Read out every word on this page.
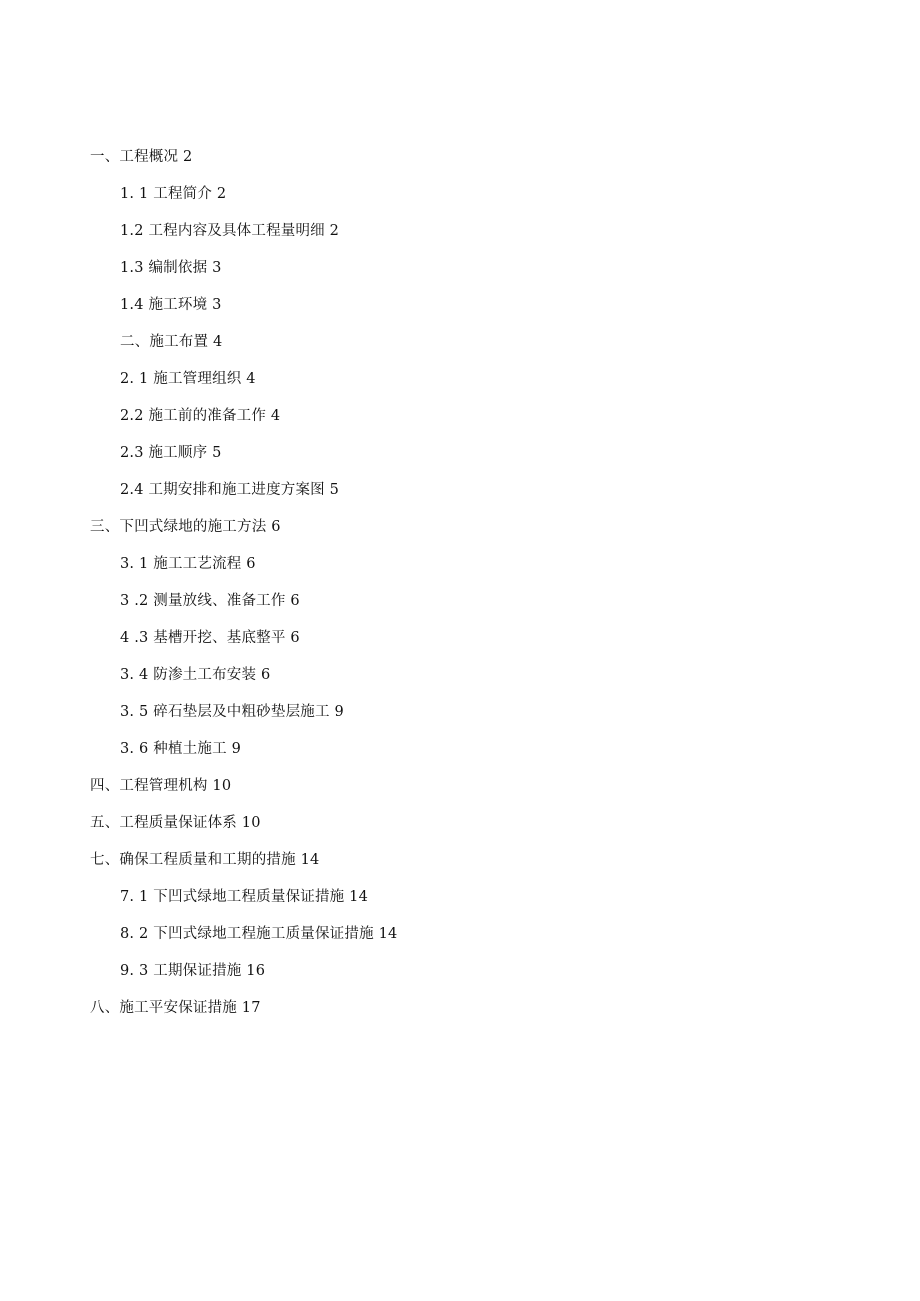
一、工程概况 2
1. 1 工程简介 2
1.2 工程内容及具体工程量明细 2
1.3 编制依据 3
1.4 施工环境 3
二、施工布置 4
2. 1 施工管理组织 4
2.2 施工前的准备工作 4
2.3 施工顺序 5
2.4 工期安排和施工进度方案图 5
三、下凹式绿地的施工方法 6
3. 1 施工工艺流程 6
3 .2 测量放线、准备工作 6
4 .3 基槽开挖、基底整平 6
3. 4 防渗土工布安装 6
3. 5 碎石垫层及中粗砂垫层施工 9
3. 6 种植土施工 9
四、工程管理机构 10
五、工程质量保证体系 10
七、确保工程质量和工期的措施 14
7. 1 下凹式绿地工程质量保证措施 14
8. 2 下凹式绿地工程施工质量保证措施 14
9. 3 工期保证措施 16
八、施工平安保证措施 17
